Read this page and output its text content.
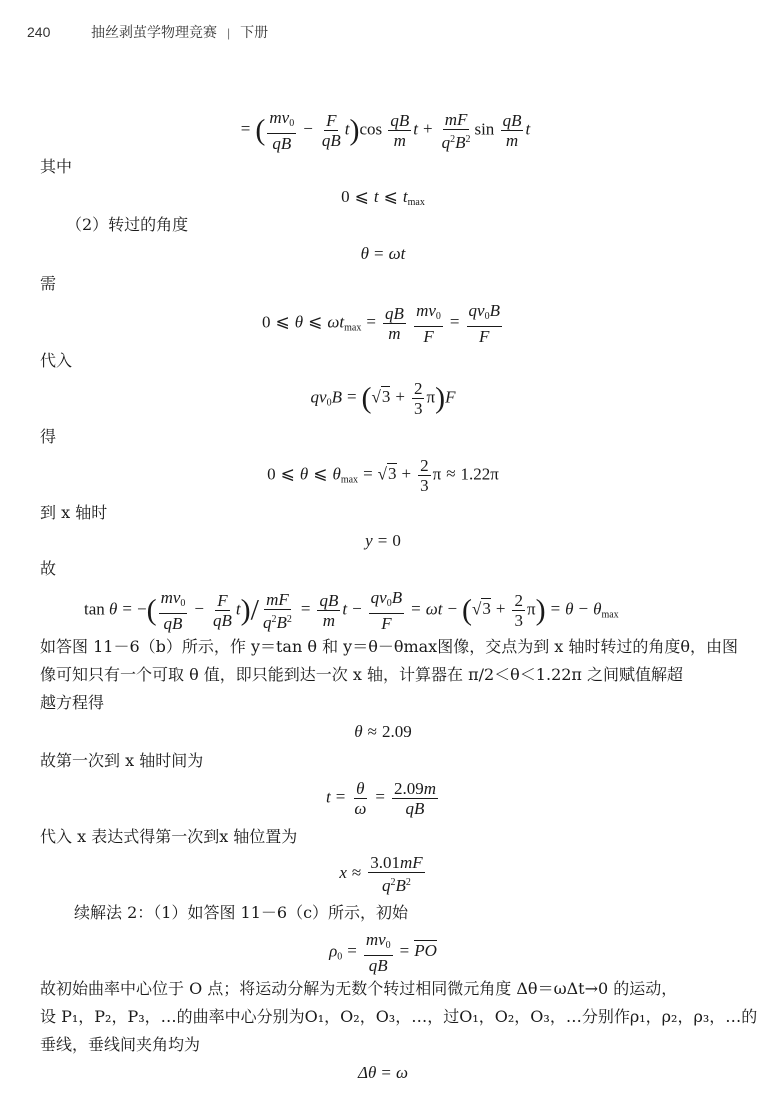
240	抽丝剥茧学物理竞赛 | 下册
= ( $\frac{mv_0}{qB} - \frac{F}{qB} t)\cos \frac{qB}{m}$ $t + \frac{mF}{q^2B^2}$ $\sin \frac{qB}{m}$ t
其中
0 ⩽ t ⩽ $t_{max}$
（2）转过的角度
θ = ωt
需
0 ⩽ θ ⩽ $\omega t_{max} = \frac{qB}{m}$
$\frac{mv_0}{F} = \frac{qv_0B}{F}$
代入
$qv_0B = (√3 + \frac{2}{3} \pi)F$
得
0 ⩽ θ ⩽ $\theta_{max} = √3 + \frac{2}{3}$ π ≈ 1.22π
到 x 轴时
y = 0
故
tan θ = −( $\frac{mv_0}{qB} - \frac{F}{qB} t)/ \frac{mF}{q^2B^2} = \frac{qB}{m}$ $t - \frac{qv_0B}{F} = \omega t - (√3 + \frac{2}{3} \pi) = \theta - \theta_{max}$
如答图 11－6（b）所示，作 y＝tan θ 和 y＝θ－θmax图像，交点为到 x 轴时转过的角度θ，由图
像可知只有一个可取 θ 值，即只能到达一次 x 轴，计算器在 π/2＜θ＜1.22π 之间赋值解超
越方程得
θ ≈ 2.09
故第一次到 x 轴时间为
$t = \frac{\theta}{\omega} = \frac{2.09m}{qB}$
代入 x 表达式得第一次到x 轴位置为
$x \approx \frac{3.01mF}{q^2B^2}$
续解法 2：（1）如答图 11－6（c）所示，初始
$\rho_0 = \frac{mv_0}{qB}$ = PO
故初始曲率中心位于 O 点；将运动分解为无数个转过相同微元角度 Δθ＝ωΔt→0 的运动，
设 P₁，P₂，P₃，…的曲率中心分别为O₁，O₂，O₃，…，过O₁，O₂，O₃，…分别作ρ₁，ρ₂，ρ₃，…的
垂线，垂线间夹角均为
Δθ = ω
